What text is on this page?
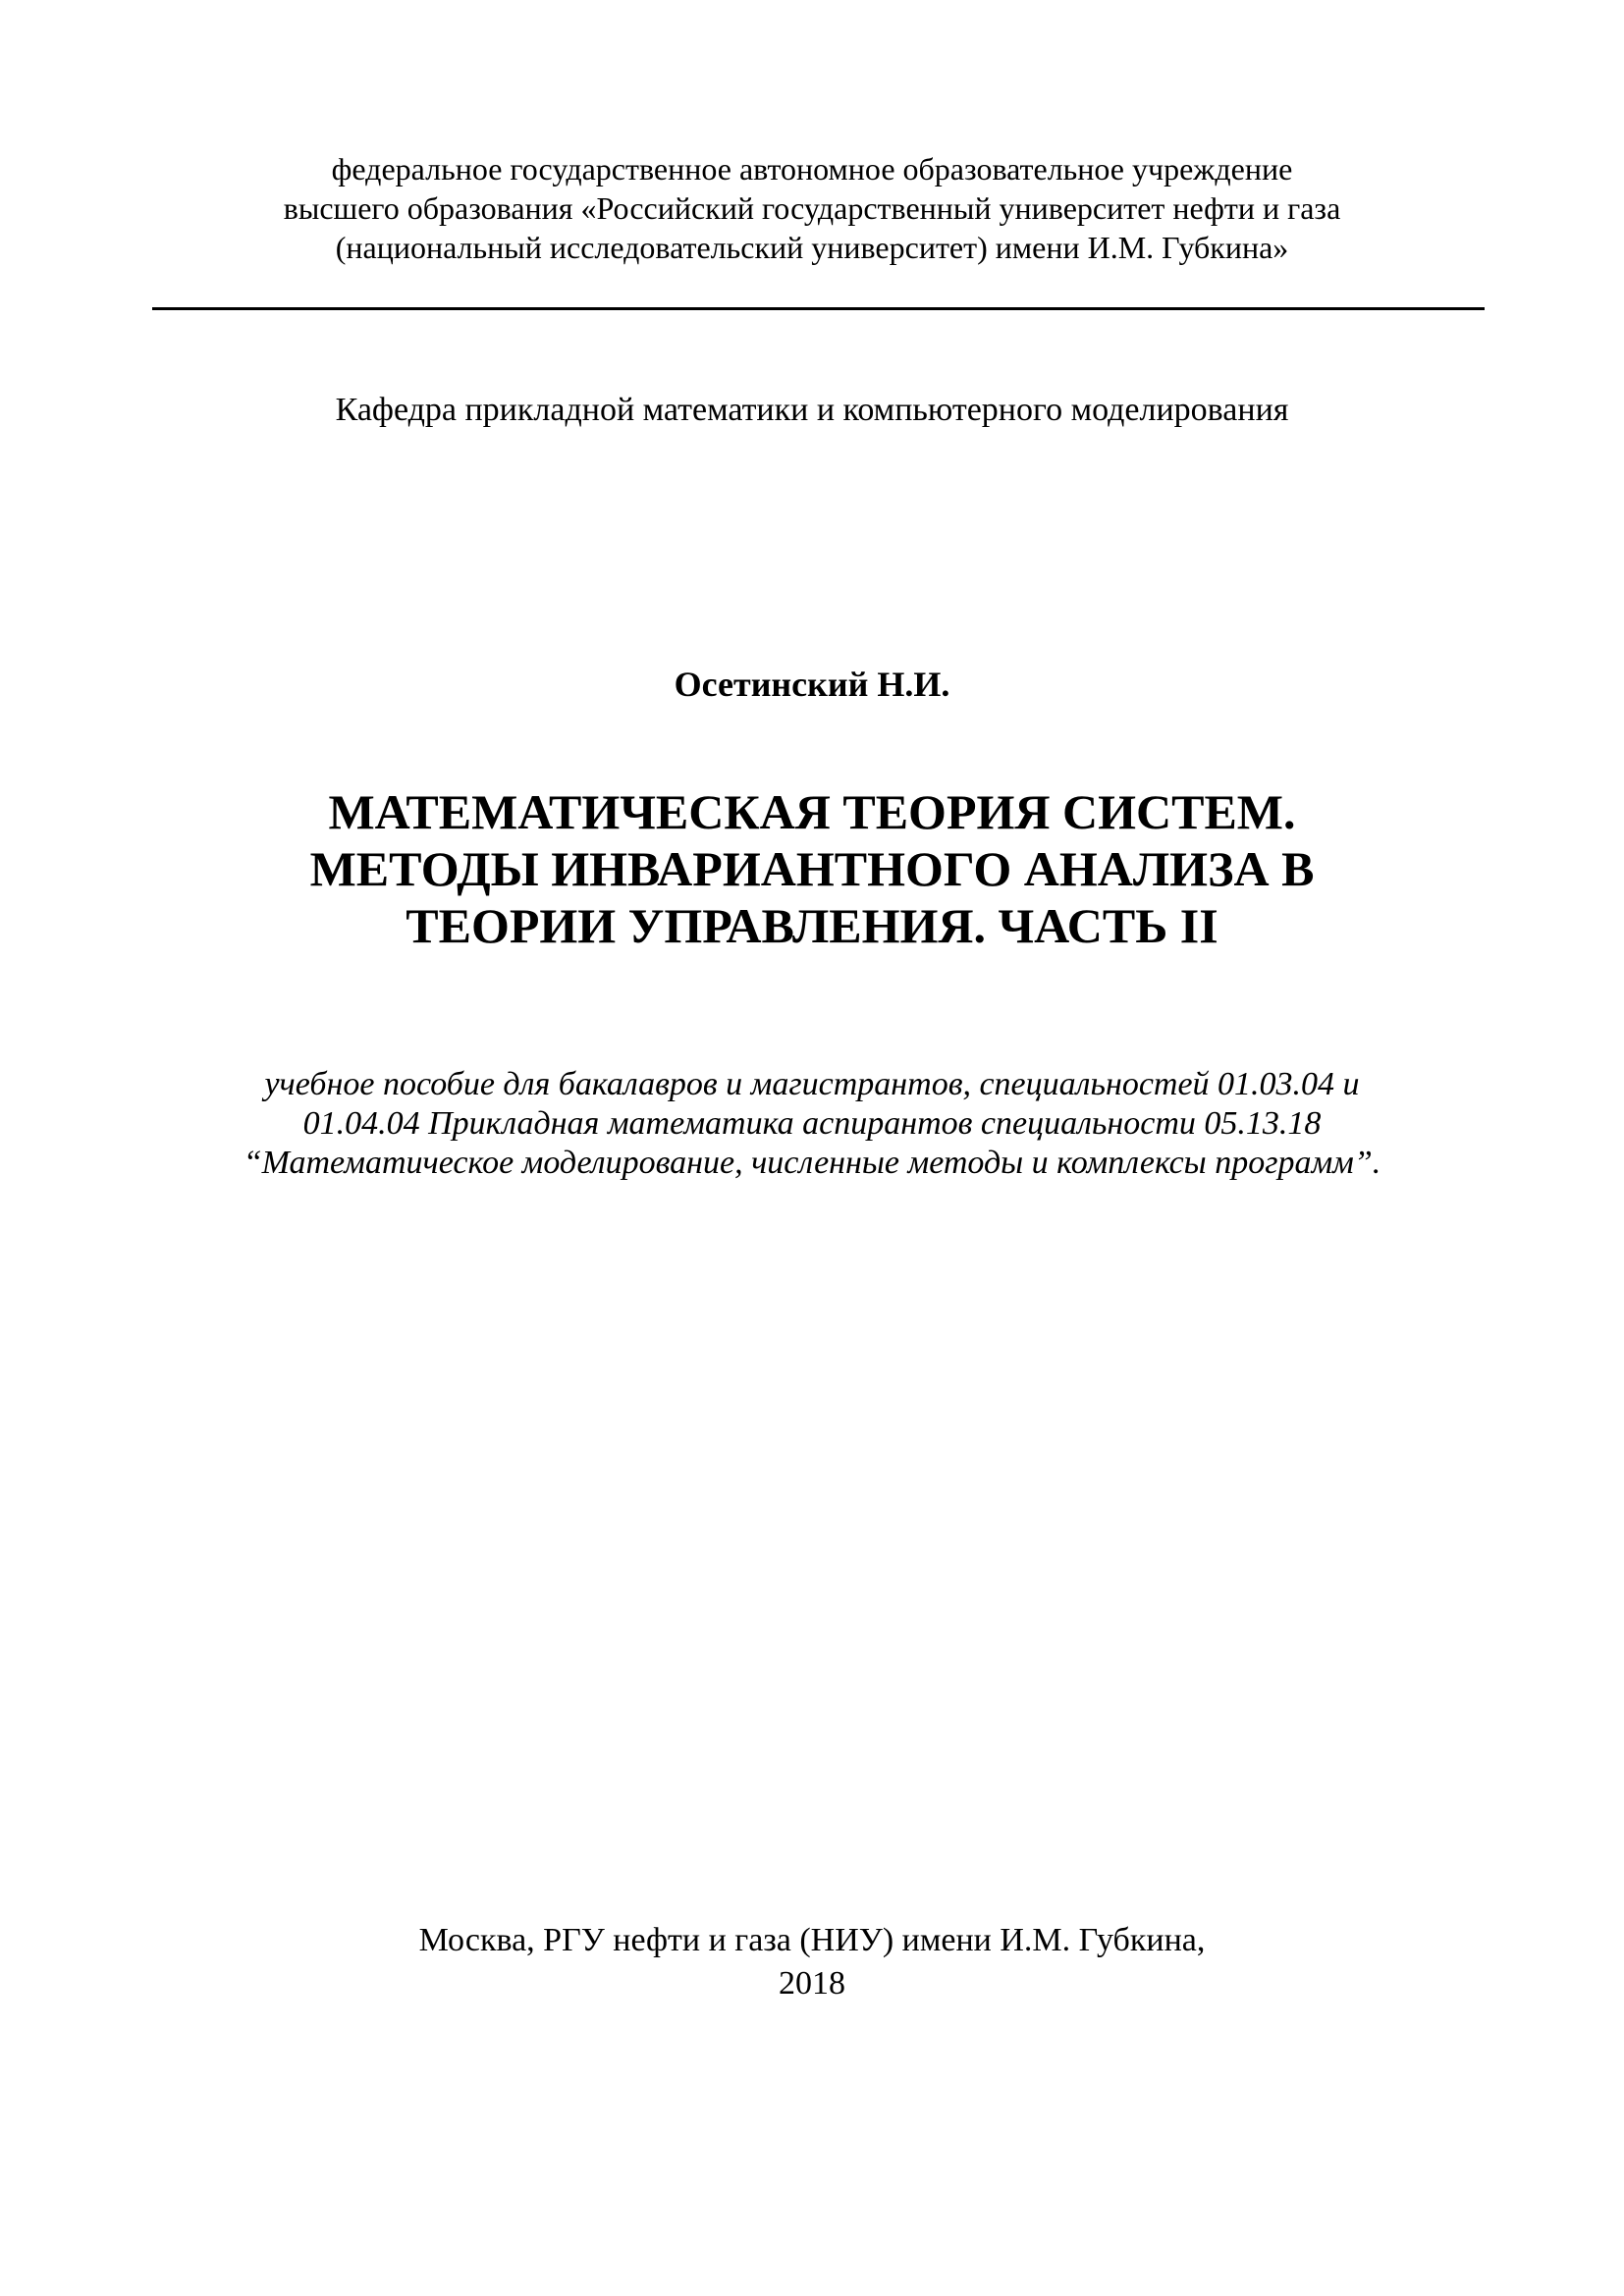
федеральное государственное автономное образовательное учреждение
высшего образования «Российский государственный университет нефти и газа
(национальный исследовательский университет) имени И.М. Губкина»
Кафедра прикладной математики и компьютерного моделирования
Осетинский Н.И.
МАТЕМАТИЧЕСКАЯ ТЕОРИЯ СИСТЕМ.
МЕТОДЫ ИНВАРИАНТНОГО АНАЛИЗА В
ТЕОРИИ УПРАВЛЕНИЯ. ЧАСТЬ II
учебное пособие для бакалавров и магистрантов, специальностей 01.03.04 и
01.04.04 Прикладная математика аспирантов специальности 05.13.18
“Математическое моделирование, численные методы и комплексы программ”.
Москва, РГУ нефти и газа (НИУ) имени И.М. Губкина,
2018
